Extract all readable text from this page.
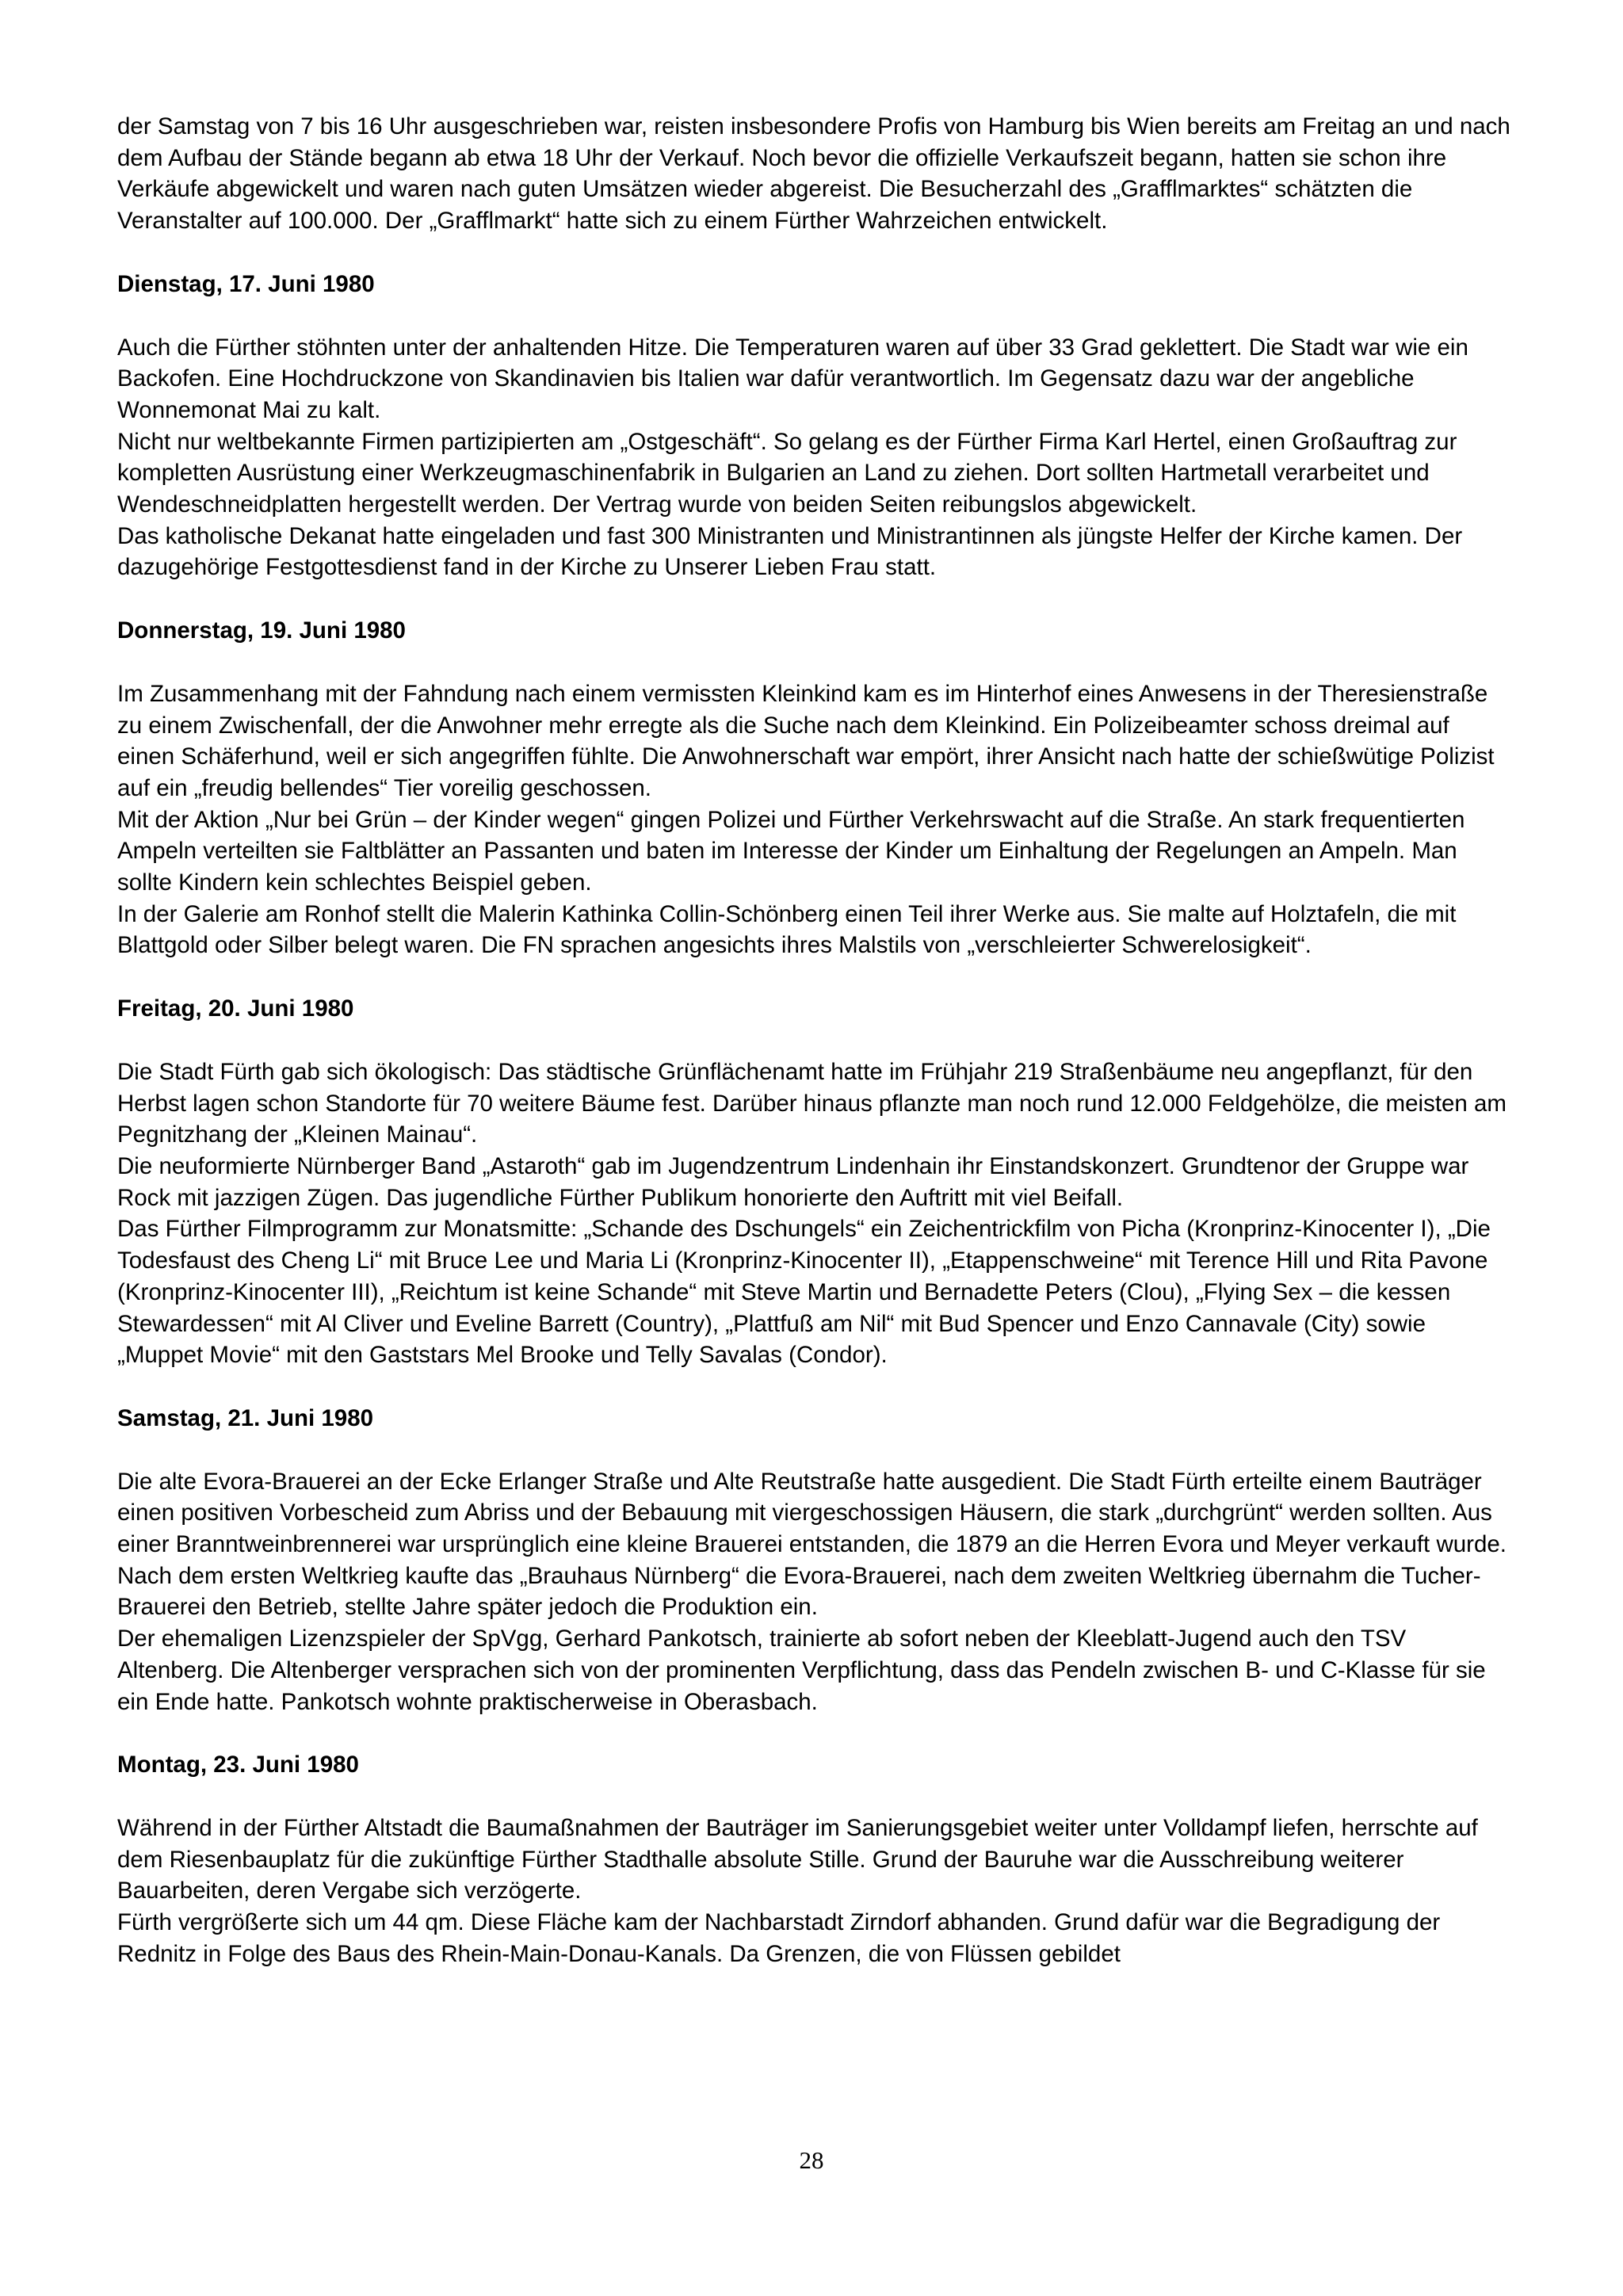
der Samstag von 7 bis 16 Uhr ausgeschrieben war, reisten insbesondere Profis von Hamburg bis Wien bereits am Freitag an und nach dem Aufbau der Stände begann ab etwa 18 Uhr der Verkauf. Noch bevor die offizielle Verkaufszeit begann, hatten sie schon ihre Verkäufe abgewickelt und waren nach guten Umsätzen wieder abgereist. Die Besucherzahl des „Grafflmarktes“ schätzten die Veranstalter auf 100.000. Der „Grafflmarkt“ hatte sich zu einem Fürther Wahrzeichen entwickelt.

Dienstag, 17. Juni 1980

Auch die Fürther stöhnten unter der anhaltenden Hitze. Die Temperaturen waren auf über 33 Grad geklettert. Die Stadt war wie ein Backofen. Eine Hochdruckzone von Skandinavien bis Italien war dafür verantwortlich. Im Gegensatz dazu war der angebliche Wonnemonat Mai zu kalt.

Nicht nur weltbekannte Firmen partizipierten am „Ostgeschäft“. So gelang es der Fürther Firma Karl Hertel, einen Großauftrag zur kompletten Ausrüstung einer Werkzeugmaschinenfabrik in Bulgarien an Land zu ziehen. Dort sollten Hartmetall verarbeitet und Wendeschneidplatten hergestellt werden. Der Vertrag wurde von beiden Seiten reibungslos abgewickelt.

Das katholische Dekanat hatte eingeladen und fast 300 Ministranten und Ministrantinnen als jüngste Helfer der Kirche kamen. Der dazugehörige Festgottesdienst fand in der Kirche zu Unserer Lieben Frau statt.

Donnerstag, 19. Juni 1980

Im Zusammenhang mit der Fahndung nach einem vermissten Kleinkind kam es im Hinterhof eines Anwesens in der Theresienstraße zu einem Zwischenfall, der die Anwohner mehr erregte als die Suche nach dem Kleinkind. Ein Polizeibeamter schoss dreimal auf einen Schäferhund, weil er sich angegriffen fühlte. Die Anwohnerschaft war empört, ihrer Ansicht nach hatte der schießwütige Polizist auf ein „freudig bellendes“ Tier voreilig geschossen.

Mit der Aktion „Nur bei Grün – der Kinder wegen“ gingen Polizei und Fürther Verkehrswacht auf die Straße. An stark frequentierten Ampeln verteilten sie Faltblätter an Passanten und baten im Interesse der Kinder um Einhaltung der Regelungen an Ampeln. Man sollte Kindern kein schlechtes Beispiel geben.

In der Galerie am Ronhof stellt die Malerin Kathinka Collin-Schönberg einen Teil ihrer Werke aus. Sie malte auf Holztafeln, die mit Blattgold oder Silber belegt waren. Die FN sprachen angesichts ihres Malstils von „verschleierter Schwerelosigkeit“.

Freitag, 20. Juni 1980

Die Stadt Fürth gab sich ökologisch: Das städtische Grünflächenamt hatte im Frühjahr 219 Straßenbäume neu angepflanzt, für den Herbst lagen schon Standorte für 70 weitere Bäume fest. Darüber hinaus pflanzte man noch rund 12.000 Feldgehölze, die meisten am Pegnitzhang der „Kleinen Mainau“.

Die neuformierte Nürnberger Band „Astaroth“ gab im Jugendzentrum Lindenhain ihr Einstandskonzert. Grundtenor der Gruppe war Rock mit jazzigen Zügen. Das jugendliche Fürther Publikum honorierte den Auftritt mit viel Beifall.

Das Fürther Filmprogramm zur Monatsmitte: „Schande des Dschungels“ ein Zeichentrickfilm von Picha (Kronprinz-Kinocenter I), „Die Todesfaust des Cheng Li“ mit Bruce Lee und Maria Li (Kronprinz-Kinocenter II), „Etappenschweine“ mit Terence Hill und Rita Pavone (Kronprinz-Kinocenter III), „Reichtum ist keine Schande“ mit Steve Martin und Bernadette Peters (Clou), „Flying Sex – die kessen Stewardessen“ mit Al Cliver und Eveline Barrett (Country), „Plattfuß am Nil“ mit Bud Spencer und Enzo Cannavale (City) sowie „Muppet Movie“ mit den Gaststars Mel Brooke und Telly Savalas (Condor).

Samstag, 21. Juni 1980

Die alte Evora-Brauerei an der Ecke Erlanger Straße und Alte Reutstraße hatte ausgedient. Die Stadt Fürth erteilte einem Bauträger einen positiven Vorbescheid zum Abriss und der Bebauung mit viergeschossigen Häusern, die stark „durchgrünt“ werden sollten. Aus einer Branntweinbrennerei war ursprünglich eine kleine Brauerei entstanden, die 1879 an die Herren Evora und Meyer verkauft wurde. Nach dem ersten Weltkrieg kaufte das „Brauhaus Nürnberg“ die Evora-Brauerei, nach dem zweiten Weltkrieg übernahm die Tucher-Brauerei den Betrieb, stellte Jahre später jedoch die Produktion ein.

Der ehemaligen Lizenzspieler der SpVgg, Gerhard Pankotsch, trainierte ab sofort neben der Kleeblatt-Jugend auch den TSV Altenberg. Die Altenberger versprachen sich von der prominenten Verpflichtung, dass das Pendeln zwischen B- und C-Klasse für sie ein Ende hatte. Pankotsch wohnte praktischerweise in Oberasbach.

Montag, 23. Juni 1980

Während in der Fürther Altstadt die Baumaßnahmen der Bauträger im Sanierungsgebiet weiter unter Volldampf liefen, herrschte auf dem Riesenbauplatz für die zukünftige Fürther Stadthalle absolute Stille. Grund der Bauruhe war die Ausschreibung weiterer Bauarbeiten, deren Vergabe sich verzögerte.

Fürth vergrößerte sich um 44 qm. Diese Fläche kam der Nachbarstadt Zirndorf abhanden. Grund dafür war die Begradigung der Rednitz in Folge des Baus des Rhein-Main-Donau-Kanals. Da Grenzen, die von Flüssen gebildet

28
